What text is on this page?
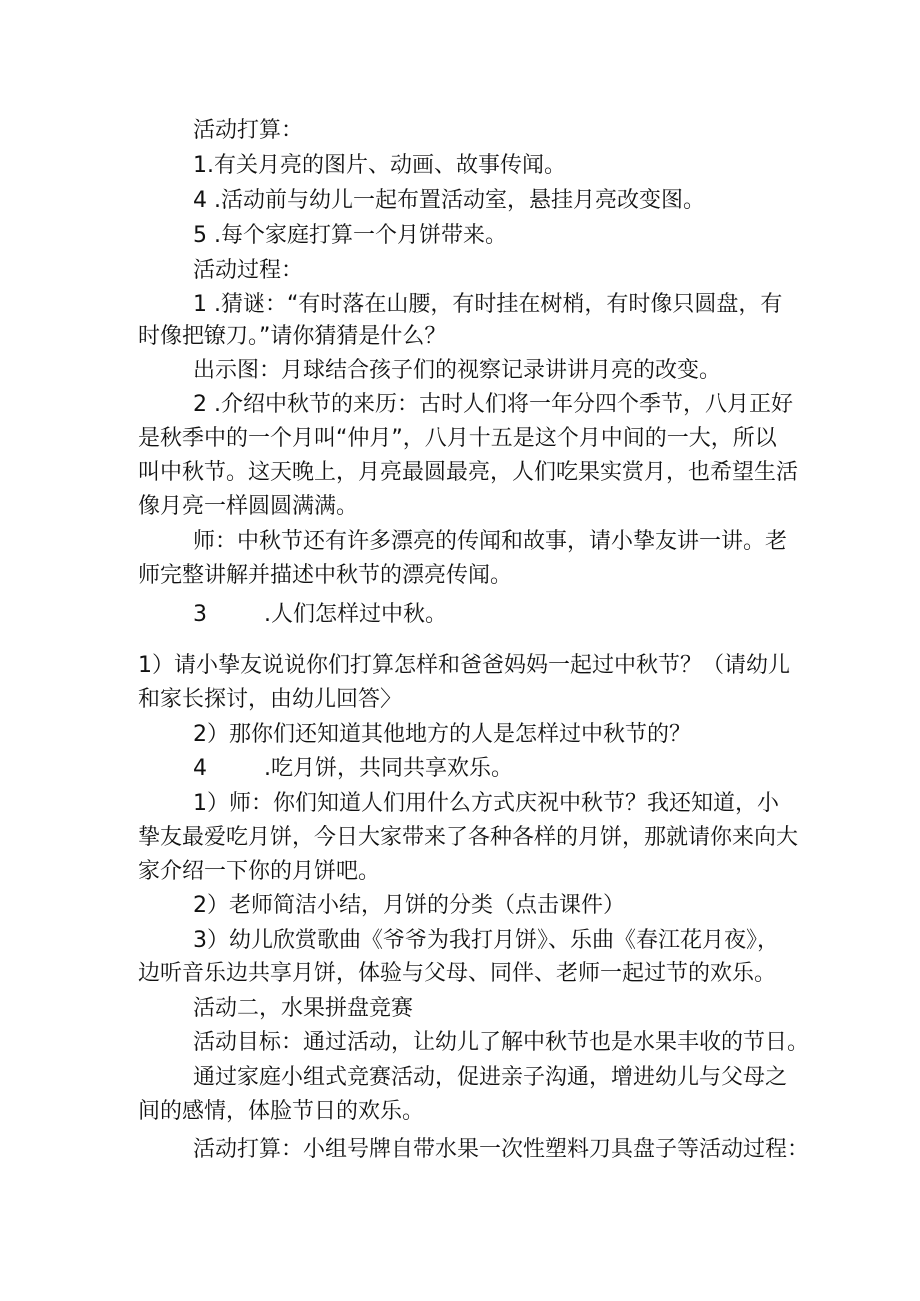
活动打算：

1.有关月亮的图片、动画、故事传闻。

4 .活动前与幼儿一起布置活动室，悬挂月亮改变图。

5 .每个家庭打算一个月饼带来。

活动过程：

1 .猜谜：“有时落在山腰，有时挂在树梢，有时像只圆盘，有

时像把镣刀。”请你猜猜是什么？

出示图：月球结合孩子们的视察记录讲讲月亮的改变。

2 .介绍中秋节的来历：古时人们将一年分四个季节，八月正好

是秋季中的一个月叫“仲月”，八月十五是这个月中间的一大，所以

叫中秋节。这天晚上，月亮最圆最亮，人们吃果实赏月，也希望生活

像月亮一样圆圆满满。

师：中秋节还有许多漂亮的传闻和故事，请小挚友讲一讲。老

师完整讲解并描述中秋节的漂亮传闻。

3	.人们怎样过中秋。

1）请小挚友说说你们打算怎样和爸爸妈妈一起过中秋节？（请幼儿

和家长探讨，由幼儿回答〉

2）那你们还知道其他地方的人是怎样过中秋节的？

4	.吃月饼，共同共享欢乐。

1）师：你们知道人们用什么方式庆祝中秋节？我还知道，小

挚友最爱吃月饼，今日大家带来了各种各样的月饼，那就请你来向大

家介绍一下你的月饼吧。

2）老师简洁小结，月饼的分类（点击课件）

3）幼儿欣赏歌曲《爷爷为我打月饼》、乐曲《春江花月夜》，

边听音乐边共享月饼，体验与父母、同伴、老师一起过节的欢乐。

活动二，水果拼盘竞赛

活动目标：通过活动，让幼儿了解中秋节也是水果丰收的节日。

通过家庭小组式竞赛活动，促进亲子沟通，增进幼儿与父母之

间的感情，体脸节日的欢乐。

活动打算：小组号牌自带水果一次性塑料刀具盘子等活动过程：
